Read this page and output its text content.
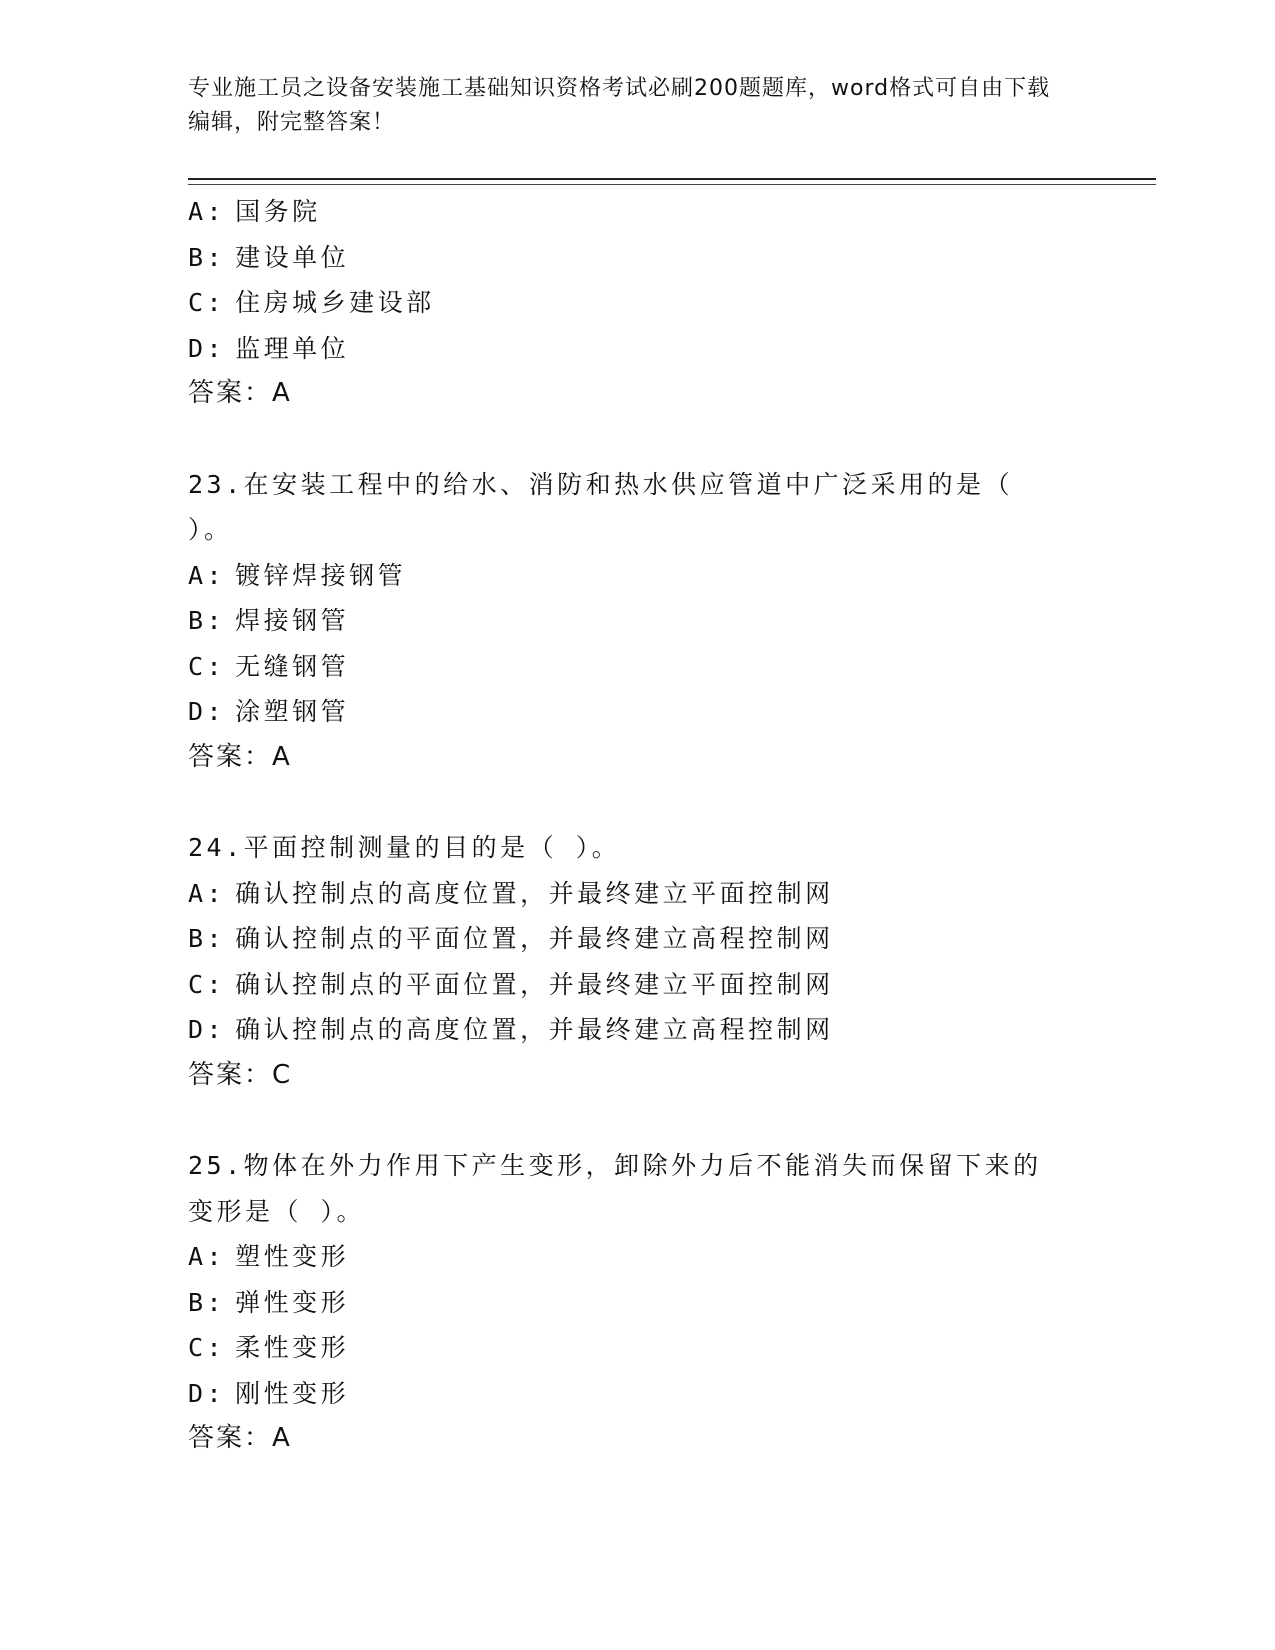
专业施工员之设备安装施工基础知识资格考试必刷200题题库，word格式可自由下载编辑，附完整答案！
A: 国务院
B: 建设单位
C: 住房城乡建设部
D: 监理单位
答案：A
23.在安装工程中的给水、消防和热水供应管道中广泛采用的是（ ）。
A: 镀锌焊接钢管
B: 焊接钢管
C: 无缝钢管
D: 涂塑钢管
答案：A
24.平面控制测量的目的是（ ）。
A: 确认控制点的高度位置，并最终建立平面控制网
B: 确认控制点的平面位置，并最终建立高程控制网
C: 确认控制点的平面位置，并最终建立平面控制网
D: 确认控制点的高度位置，并最终建立高程控制网
答案：C
25.物体在外力作用下产生变形，卸除外力后不能消失而保留下来的变形是（ ）。
A: 塑性变形
B: 弹性变形
C: 柔性变形
D: 刚性变形
答案：A
